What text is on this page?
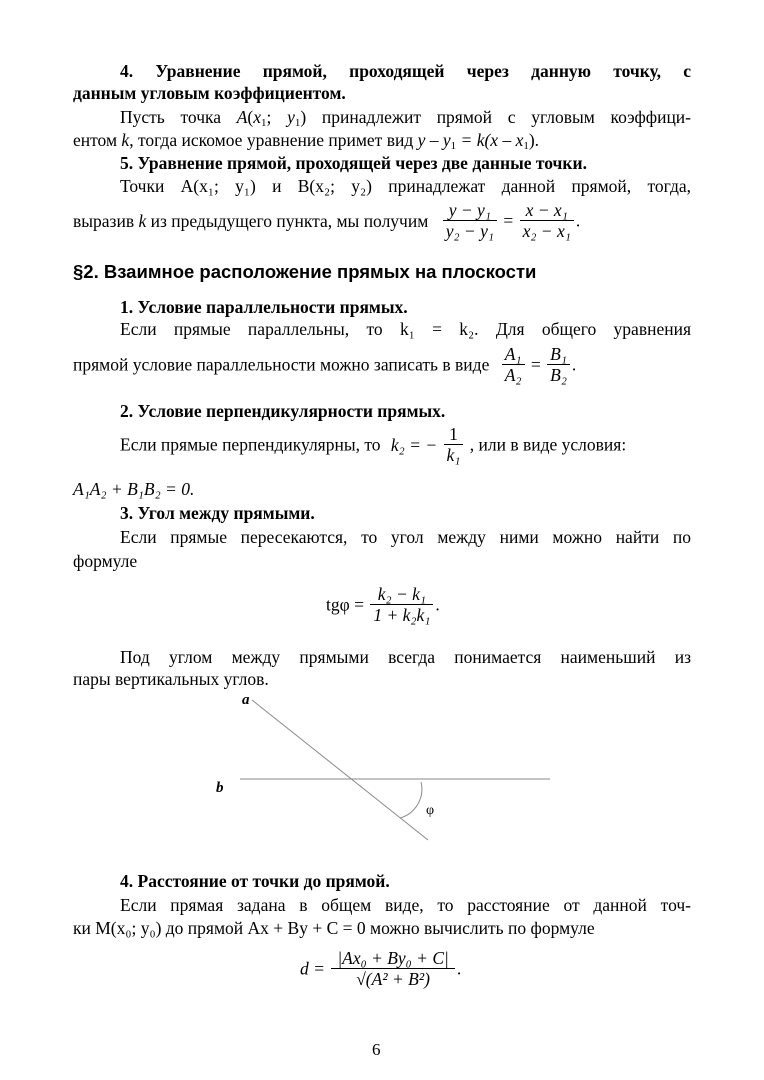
4. Уравнение прямой, проходящей через данную точку, с
данным угловым коэффициентом.
Пусть точка $A(x_1$; $y_1$) принадлежит прямой с угловым коэффици-
ентом k, тогда искомое уравнение примет вид $y - y_1 = k(x - x_1)$.
5. Уравнение прямой, проходящей через две данные точки.
Точки A(x₁; y₁) и B(x₂; y₂) принадлежат данной прямой, тогда,
выразив k из предыдущего пункта, мы получим $\frac{\text{y − y₁}}{\text{y₂ − y₁}} = \frac{\text{x − x₁}}{\text{x₂ − x₁}}$ .
§2. Взаимное расположение прямых на плоскости
1. Условие параллельности прямых.
Если прямые параллельны, то k₁ = k₂. Для общего уравнения
прямой условие параллельности можно записать в виде $\frac{\text{A₁}}{\text{A₂}} = \frac{\text{B₁}}{\text{B₂}}$ .
2. Условие перпендикулярности прямых.
Если прямые перпендикулярны, то k₂ = − $\frac{1}{\text{k₁}}$ , или в виде условия:
A₁A₂ + B₁B₂ = 0.
3. Угол между прямыми.
Если прямые пересекаются, то угол между ними можно найти по
формуле
$tg\varphi = \frac{\text{k₂ − k₁}}{\text{1 + k₂k₁}}$ .
Под углом между прямыми всегда понимается наименьший из
пары вертикальных углов.
a
b
φ
4. Расстояние от точки до прямой.
Если прямая задана в общем виде, то расстояние от данной точ-
ки M(x₀; y₀) до прямой Ax + By + C = 0 можно вычислить по формуле
$d = \frac{\text{|Ax₀ + By₀ + C|}}{\text{√(A² + B²)}}$ .
6
